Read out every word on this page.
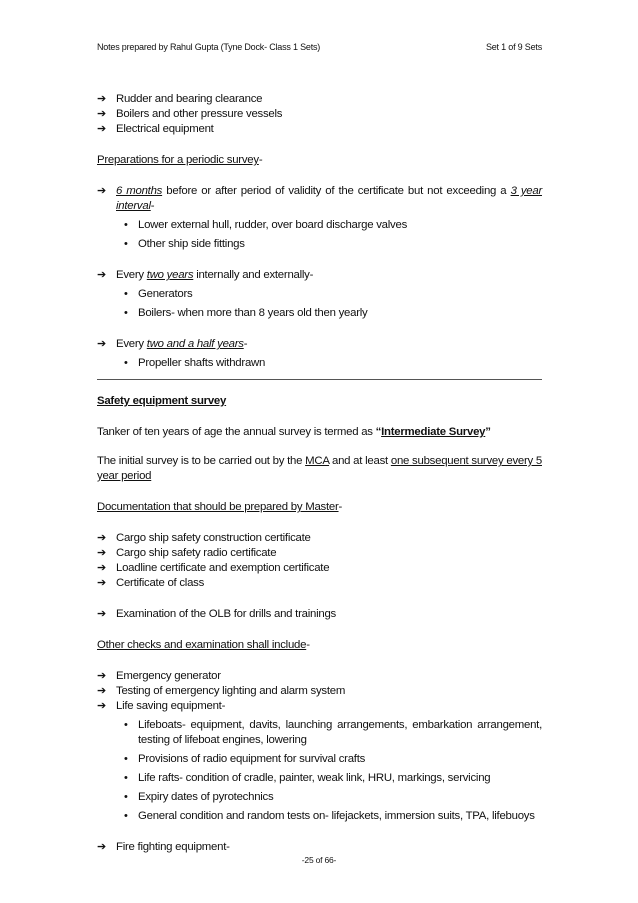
Notes prepared by Rahul Gupta (Tyne Dock- Class 1 Sets)	Set 1 of 9 Sets
➔ Rudder and bearing clearance
➔ Boilers and other pressure vessels
➔ Electrical equipment
Preparations for a periodic survey-
➔ 6 months before or after period of validity of the certificate but not exceeding a 3 year interval-
• Lower external hull, rudder, over board discharge valves
• Other ship side fittings
➔ Every two years internally and externally-
• Generators
• Boilers- when more than 8 years old then yearly
➔ Every two and a half years-
• Propeller shafts withdrawn
Safety equipment survey
Tanker of ten years of age the annual survey is termed as “Intermediate Survey”
The initial survey is to be carried out by the MCA and at least one subsequent survey every 5 year period
Documentation that should be prepared by Master-
➔ Cargo ship safety construction certificate
➔ Cargo ship safety radio certificate
➔ Loadline certificate and exemption certificate
➔ Certificate of class
➔ Examination of the OLB for drills and trainings
Other checks and examination shall include-
➔ Emergency generator
➔ Testing of emergency lighting and alarm system
➔ Life saving equipment-
• Lifeboats- equipment, davits, launching arrangements, embarkation arrangement, testing of lifeboat engines, lowering
• Provisions of radio equipment for survival crafts
• Life rafts- condition of cradle, painter, weak link, HRU, markings, servicing
• Expiry dates of pyrotechnics
• General condition and random tests on- lifejackets, immersion suits, TPA, lifebuoys
➔ Fire fighting equipment-
-25 of 66-
